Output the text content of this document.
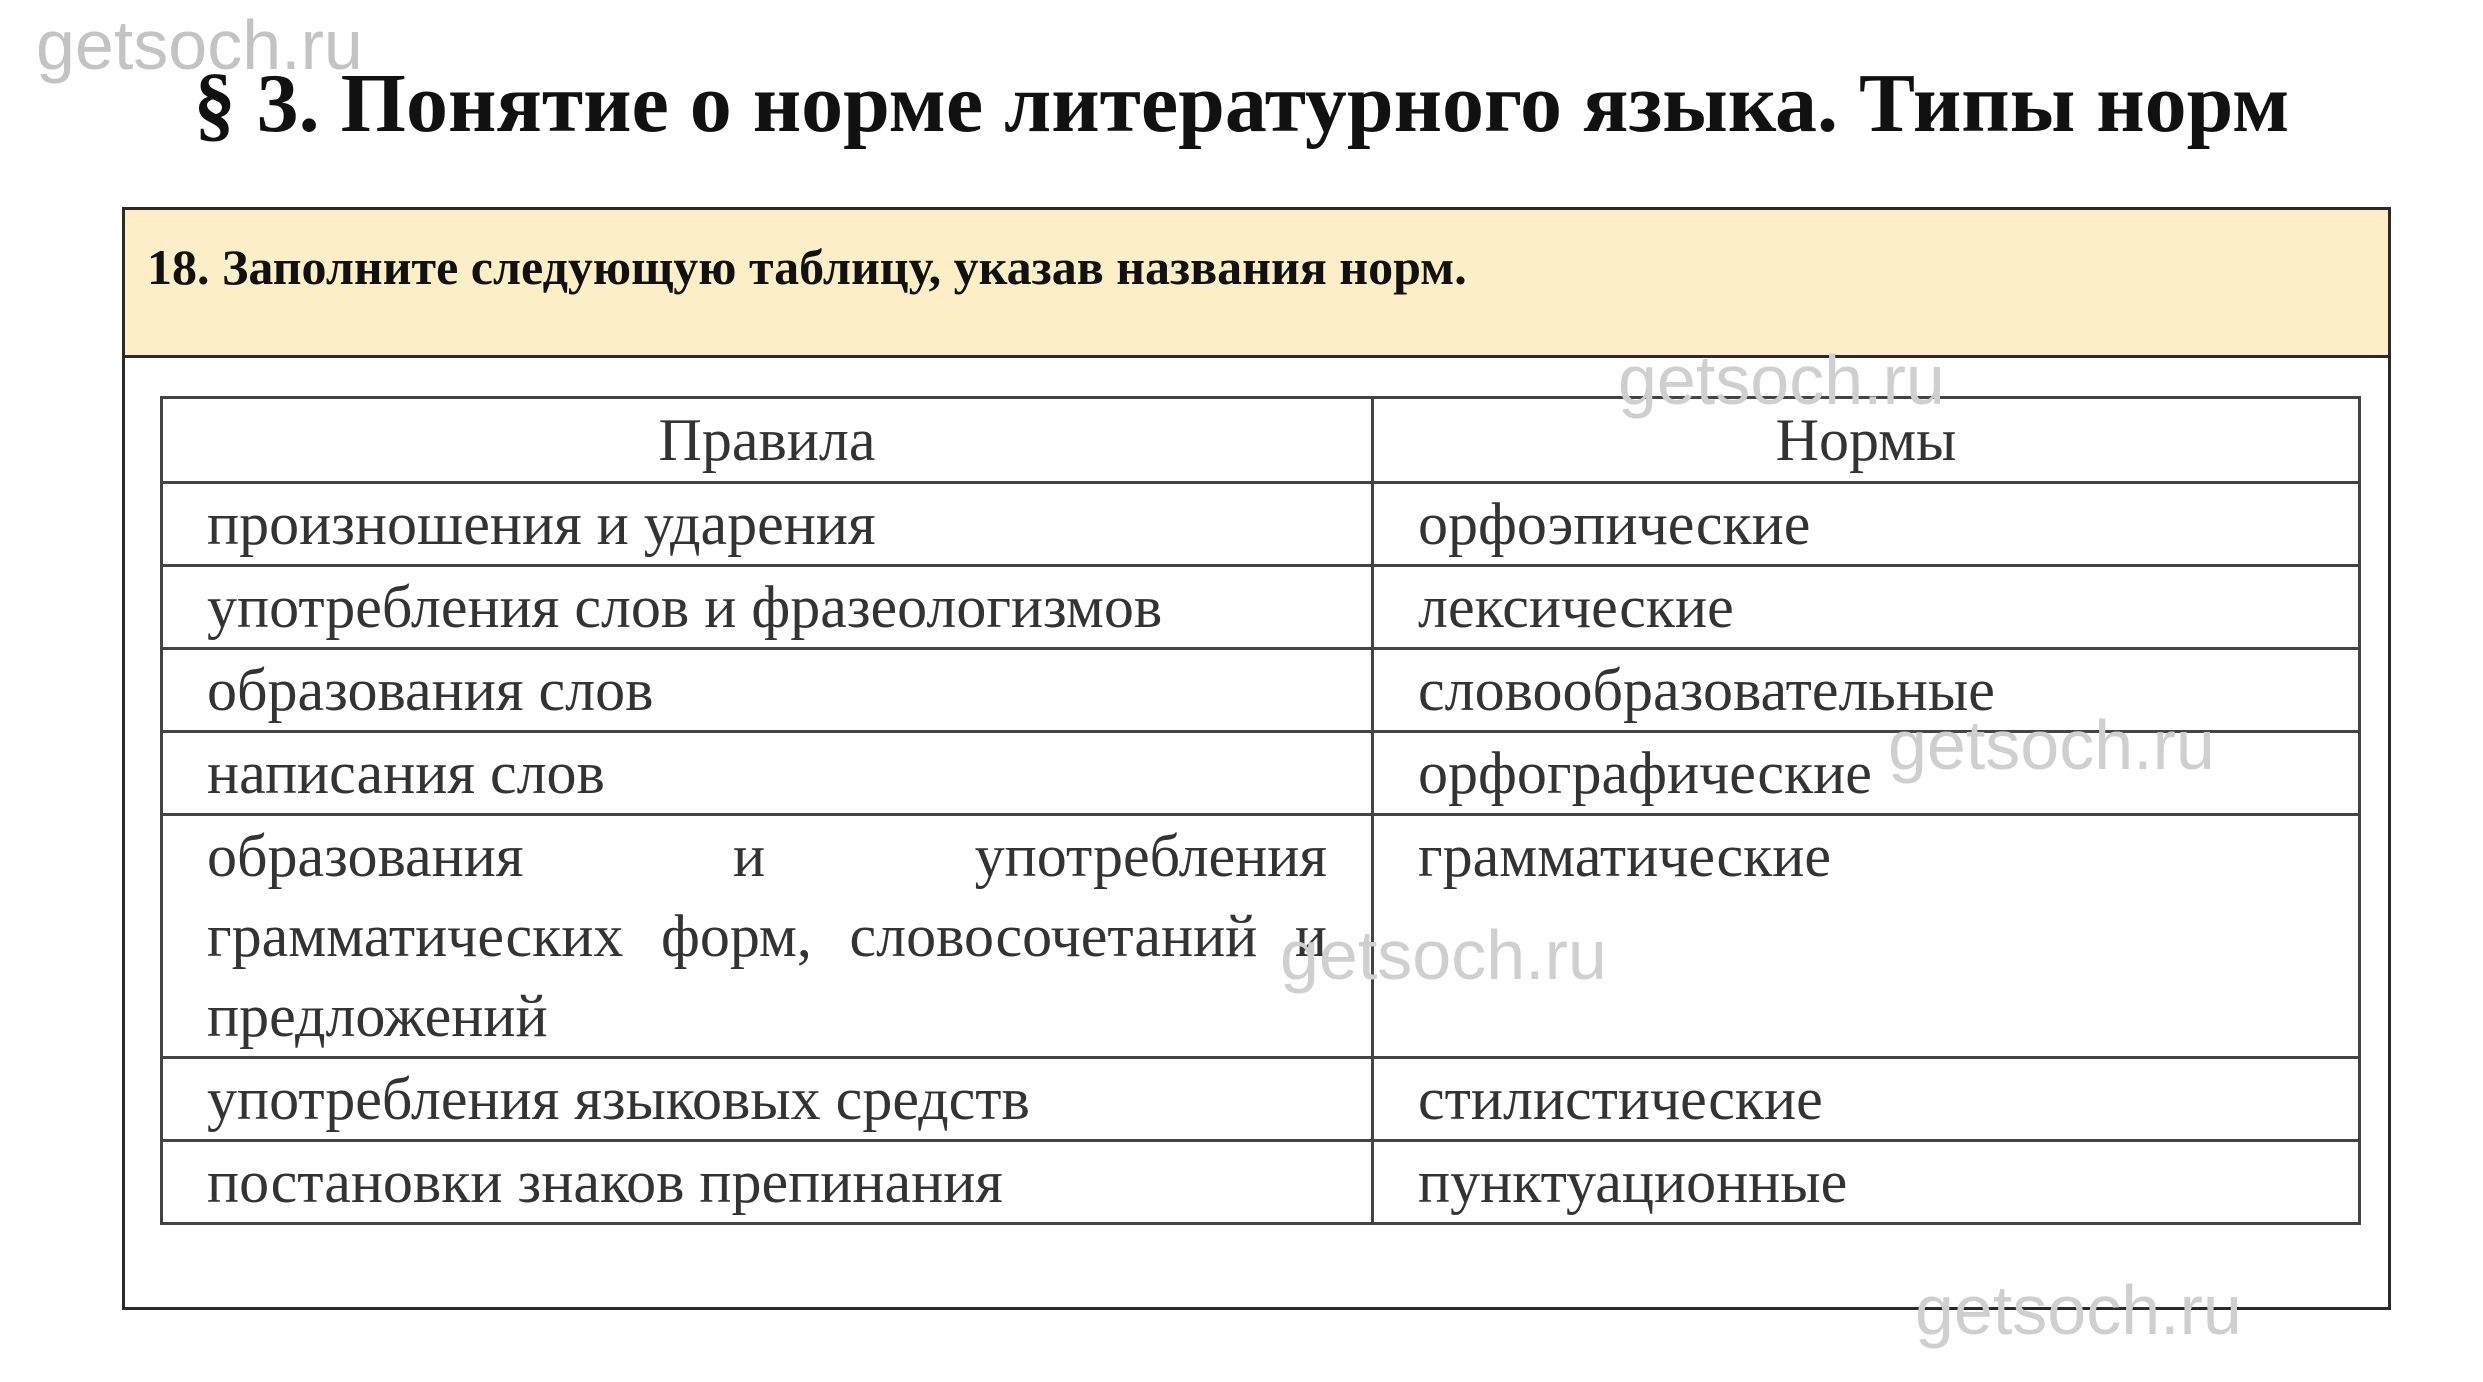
getsoch.ru
§ 3. Понятие о норме литературного языка. Типы норм
18. Заполните следующую таблицу, указав названия норм.
Правила	Нормы
произношения и ударения	орфоэпические
употребления слов и фразеологизмов	лексические
образования слов	словообразовательные
написания слов	орфографические
образования и употребления грамматических форм, словосочетаний и предложений	грамматические
употребления языковых средств	стилистические
постановки знаков препинания	пунктуационные
getsoch.ru
getsoch.ru
getsoch.ru
getsoch.ru
